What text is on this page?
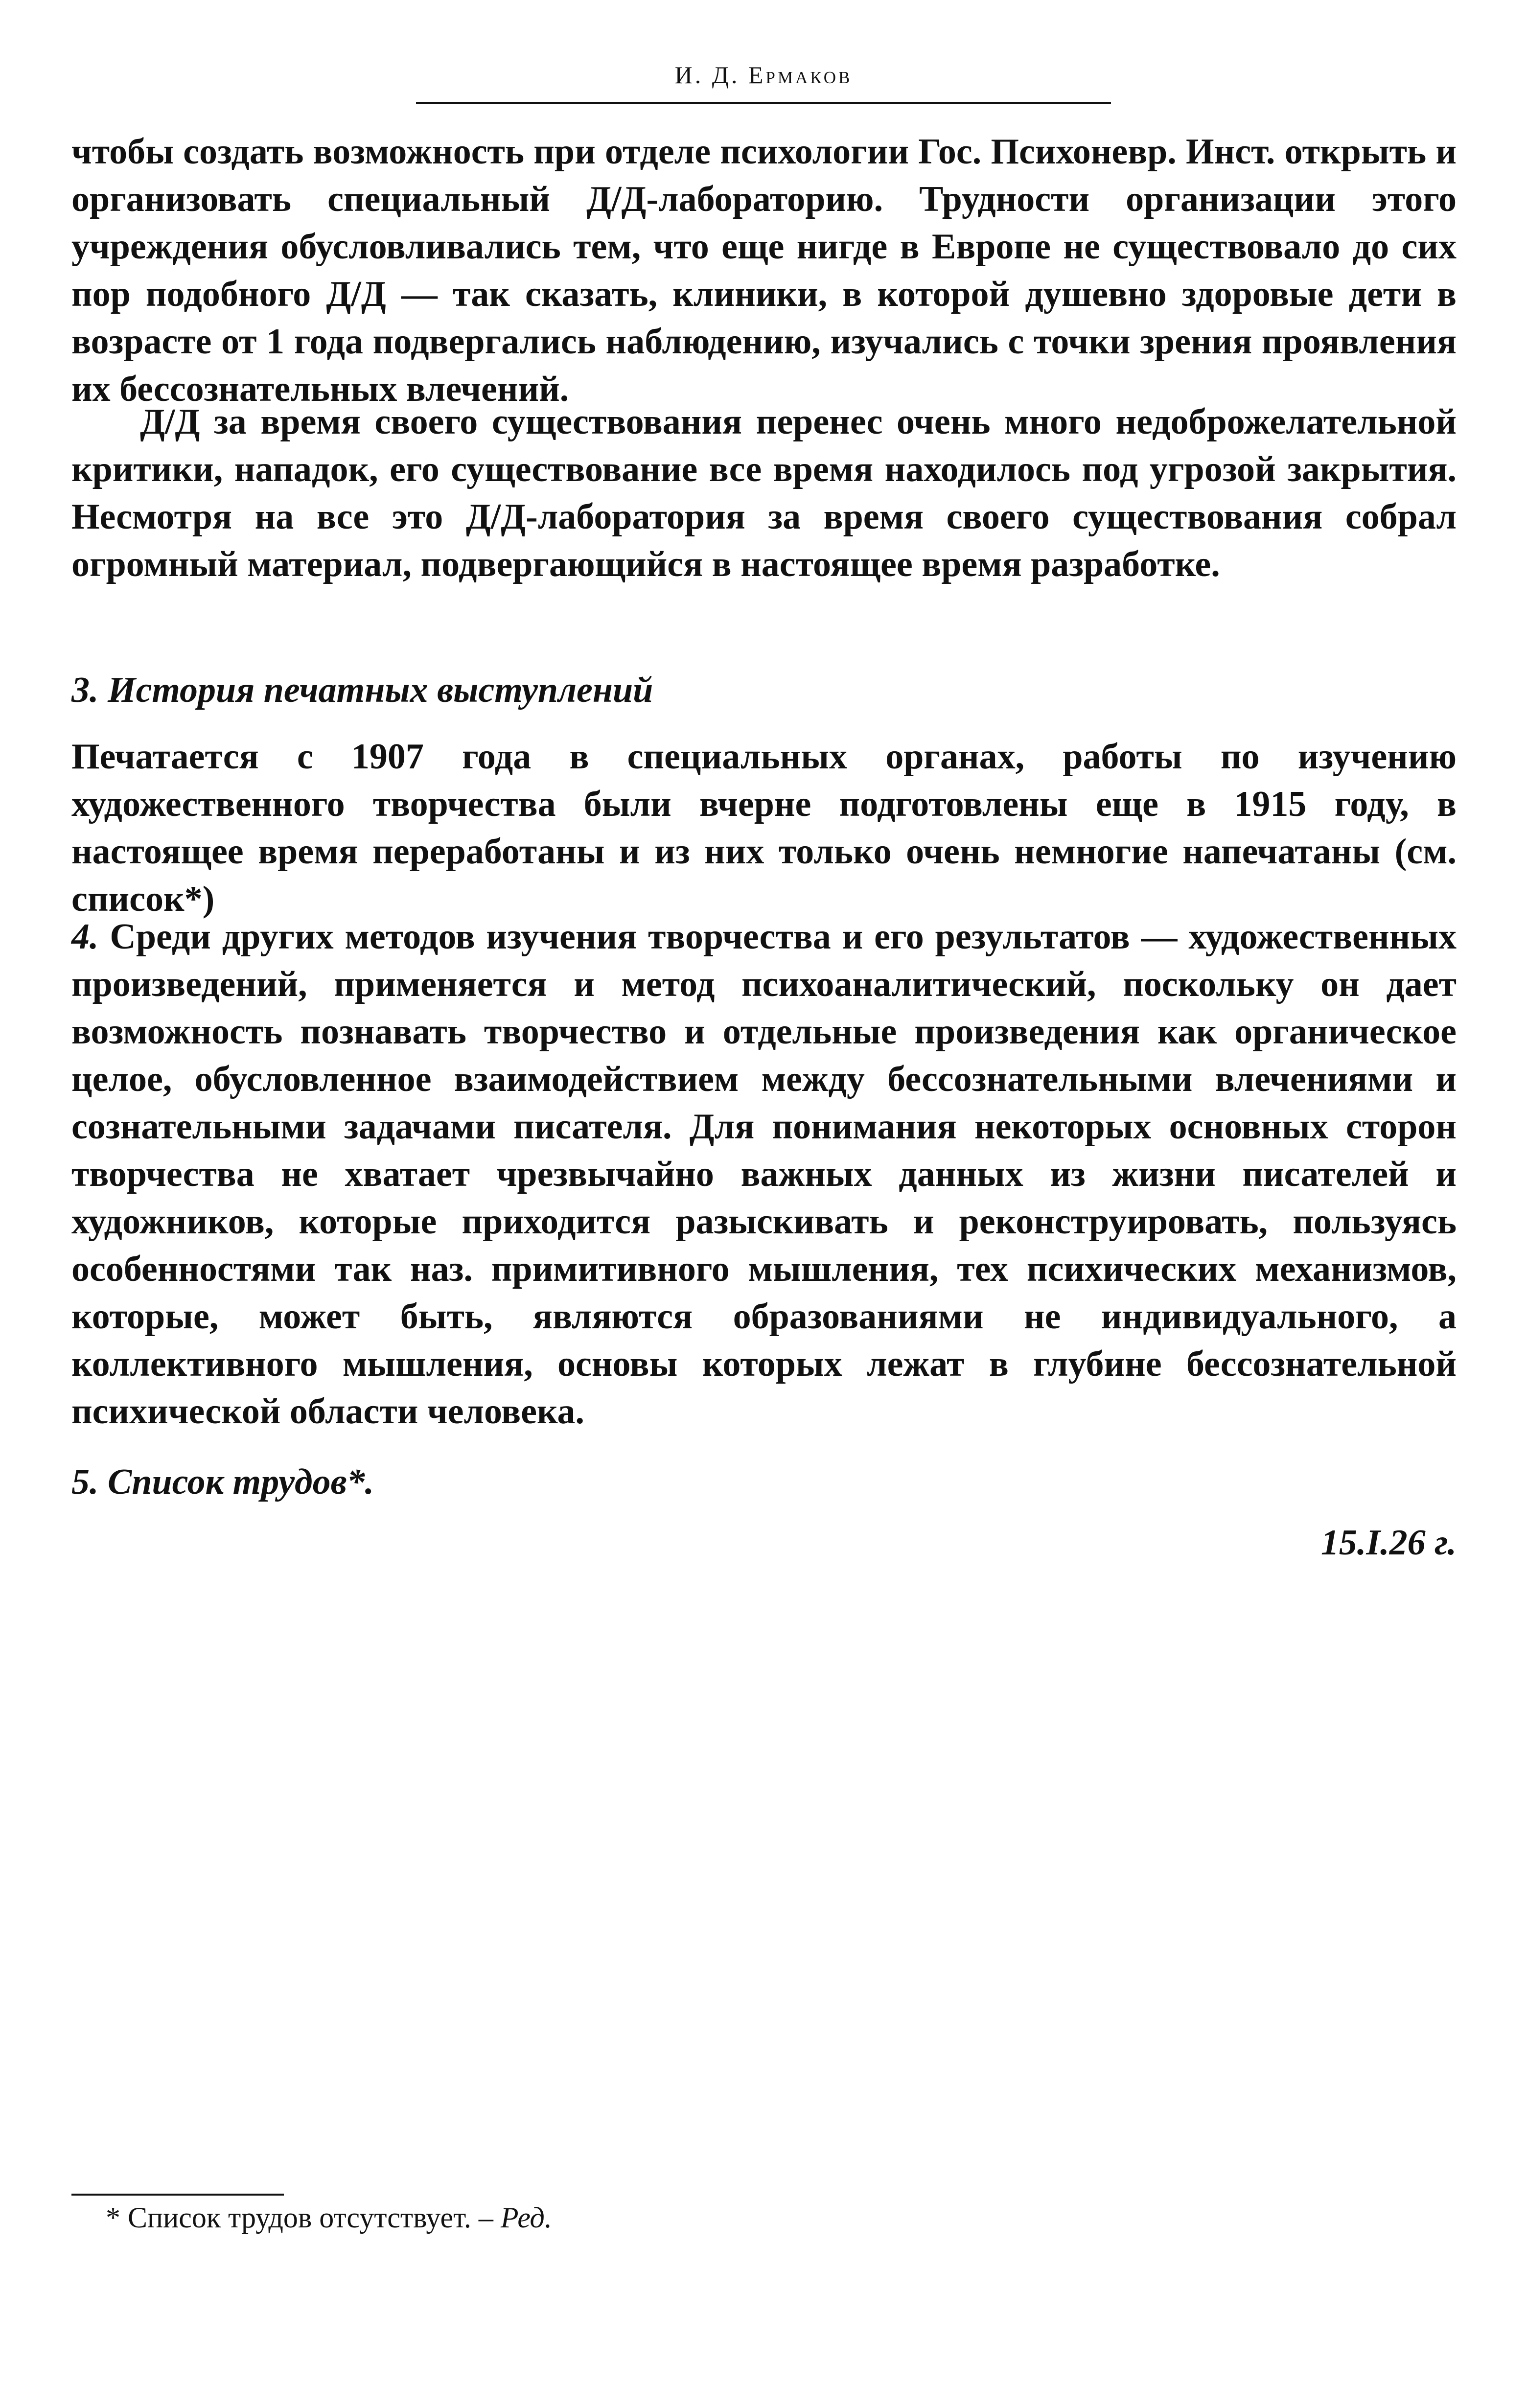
И. Д. Ермаков

чтобы создать возможность при отделе психологии Гос. Психоневр. Инст. открыть и организовать специальный Д/Д-лабораторию. Трудности организации этого учреждения обусловливались тем, что еще нигде в Европе не существовало до сих пор подобного Д/Д — так сказать, клиники, в которой душевно здоровые дети в возрасте от 1 года подвергались наблюдению, изучались с точки зрения проявления их бессознательных влечений.

Д/Д за время своего существования перенес очень много недоброжелательной критики, нападок, его существование все время находилось под угрозой закрытия. Несмотря на все это Д/Д-лаборатория за время своего существования собрал огромный материал, подвергающийся в настоящее время разработке.

3. История печатных выступлений

Печатается с 1907 года в специальных органах, работы по изучению художественного творчества были вчерне подготовлены еще в 1915 году, в настоящее время переработаны и из них только очень немногие напечатаны (см. список*)

4. Среди других методов изучения творчества и его результатов — художественных произведений, применяется и метод психоаналитический, поскольку он дает возможность познавать творчество и отдельные произведения как органическое целое, обусловленное взаимодействием между бессознательными влечениями и сознательными задачами писателя. Для понимания некоторых основных сторон творчества не хватает чрезвычайно важных данных из жизни писателей и художников, которые приходится разыскивать и реконструировать, пользуясь особенностями так наз. примитивного мышления, тех психических механизмов, которые, может быть, являются образованиями не индивидуального, а коллективного мышления, основы которых лежат в глубине бессознательной психической области человека.

5. Список трудов*.

15.I.26 г.
* Список трудов отсутствует. – Ред.
